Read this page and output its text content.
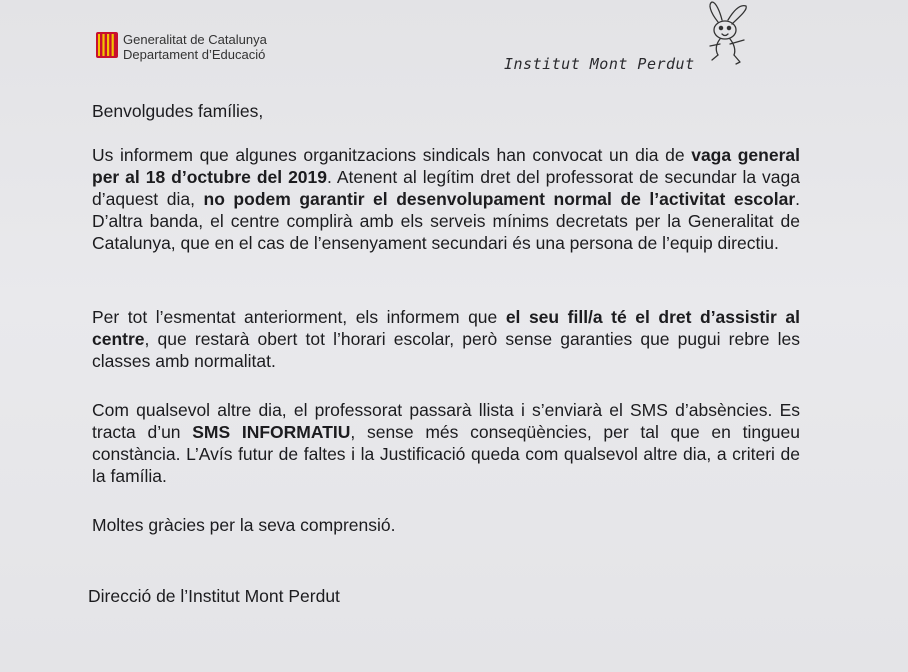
Generalitat de Catalunya
Departament d’Educació
Institut Mont Perdut

Benvolgudes famílies,

Us informem que algunes organitzacions sindicals han convocat un dia de vaga general per al 18 d’octubre del 2019. Atenent al legítim dret del professorat de secundar la vaga d’aquest dia, no podem garantir el desenvolupament normal de l’activitat escolar. D’altra banda, el centre complirà amb els serveis mínims decretats per la Generalitat de Catalunya, que en el cas de l’ensenyament secundari és una persona de l’equip directiu.

Per tot l’esmentat anteriorment, els informem que el seu fill/a té el dret d’assistir al centre, que restarà obert tot l’horari escolar, però sense garanties que pugui rebre les classes amb normalitat.

Com qualsevol altre dia, el professorat passarà llista i s’enviarà el SMS d’absències. Es tracta d’un SMS INFORMATIU, sense més conseqüències, per tal que en tingueu constància. L’Avís futur de faltes i la Justificació queda com qualsevol altre dia, a criteri de la família.

Moltes gràcies per la seva comprensió.

Direcció de l’Institut Mont Perdut
